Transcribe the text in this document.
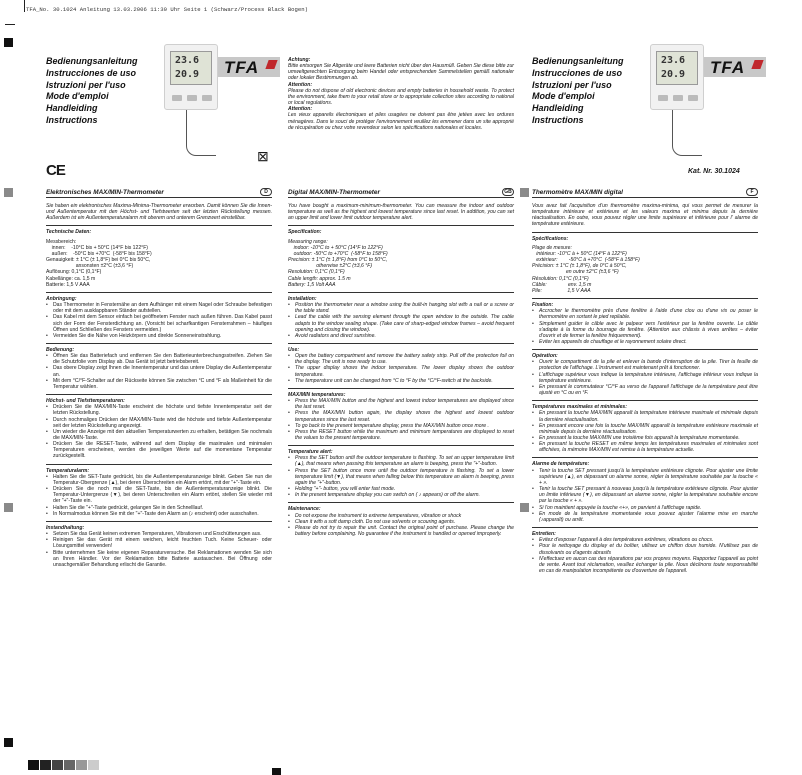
TFA_No. 30.1024 Anleitung 13.03.2006 11:30 Uhr Seite 1 (Schwarz/Process Black Bogen)
Bedienungsanleitung
Instrucciones de uso
Istruzioni per l'uso
Mode d'emploi
Handleiding
Instructions
23.6
20.9 TFA
CE
⊠
Bedienungsanleitung
Instrucciones de uso
Istruzioni per l'uso
Mode d'emploi
Handleiding
Instructions
23.6
20.9 TFA
Kat. Nr. 30.1024
Elektronisches MAX/MIN-Thermometer	D	Digital MAX/MIN-Thermometer	GB	Thermomètre MAX/MIN digital	F

Sie haben ein elektronisches Maxima-Minima-Thermometer erworben. Damit können Sie die Innen- und Außentemperatur mit den Höchst- und Tiefstwerten seit der letzten Rückstellung messen. Außerdem ist ein Außentemperaturalarm mit oberem und unterem Grenzwert einstellbar.

Technische Daten:

Messbereich:
innen:    -10°C bis + 50°C (14°F bis 122°F)
außen:    -50°C bis +70°C  (-58°F bis 158°F)
Genauigkeit: ± 1°C (± 1,8°F) bei 0°C bis 50°C,
ansonsten ±2°C (±3,6 °F)
Auflösung: 0,1°C (0,1°F)
Kabellänge: ca. 1,5 m
Batterie: 1,5 V AAA

Anbringung:

• Das Thermometer in Fensternähe an dem Aufhänger mit einem Nagel oder Schraube befestigen oder mit dem ausklappbaren Ständer aufstellen.
• Das Kabel mit dem Sensor einfach bei geöffnetem Fenster nach außen führen. Das Kabel passt sich der Form der Fensterdichtung an. (Vorsicht bei scharfkantigen Fensterrahmen – häufiges Öffnen und Schließen des Fensters vermeiden.)
• Vermeiden Sie die Nähe von Heizkörpern und direkte Sonneneinstrahlung.

Bedienung:

• Öffnen Sie das Batteriefach und entfernen Sie den Batterieunterbrechungsstreifen. Ziehen Sie die Schutzfolie vom Display ab. Das Gerät ist jetzt betriebsbereit.
• Das obere Display zeigt Ihnen die Innentemperatur und das untere Display die Außentemperatur an.
• Mit dem °C/°F-Schalter auf der Rückseite können Sie zwischen °C und °F als Maßeinheit für die Temperatur wählen.

Höchst- und Tiefsttemperaturen:

• Drücken Sie die MAX/MIN-Taste erscheint die höchste und tiefste Innentemperatur seit der letzten Rückstellung.
• Durch nochmaliges Drücken der MAX/MIN-Taste wird die höchste und tiefste Außentemperatur seit der letzten Rückstellung angezeigt.
• Um wieder die Anzeige mit den aktuellen Temperaturwerten zu erhalten, betätigen Sie nochmals die MAX/MIN-Taste.
• Drücken Sie die RESET-Taste, während auf dem Display die maximalen und minimalen Temperaturen erscheinen, werden die jeweiligen Werte auf die momentane Temperatur zurückgestellt.

Temperaturalarm:

• Halten Sie die SET-Taste gedrückt, bis die Außentemperaturanzeige blinkt. Geben Sie nun die Temperatur-Obergrenze (▲), bei deren Überschreiten ein Alarm ertönt, mit der "+"-Taste ein.
• Drücken Sie die noch mal die SET-Taste, bis die Außentemperaturanzeige blinkt. Die Temperatur-Untergrenze (▼), bei deren Unterschreiten ein Alarm ertönt, stellen Sie wieder mit der "+"-Taste ein.
• Halten Sie die "+"-Taste gedrückt, gelangen Sie in den Schnelllauf.
• In Normalmodus können Sie mit der "+"-Taste den Alarm an (♪ erscheint) oder ausschalten.

Instandhaltung:

• Setzen Sie das Gerät keinen extremen Temperaturen, Vibrationen und Erschütterungen aus.
• Reinigen Sie das Gerät mit einem weichen, leicht feuchten Tuch. Keine Scheuer- oder Lösungsmittel verwenden!
• Bitte unternehmen Sie keine eigenen Reparaturversuche. Bei Reklamationen wenden Sie sich an Ihren Händler. Vor der Reklamation bitte Batterie austauschen. Bei Öffnung oder unsachgemäßer Behandlung erlischt die Garantie.

Achtung:

Bitte entsorgen Sie Altgeräte und leere Batterien nicht über den Hausmüll. Geben Sie diese bitte zur umweltgerechten Entsorgung beim Handel oder entsprechenden Sammelstellen gemäß nationaler oder lokaler Bestimmungen ab.

Attention:

Please do not dispose of old electronic devices and empty batteries in household waste. To protect the environment, take them to your retail store or to appropriate collection sites according to national or local regulations.

Attention:

Les vieux appareils électroniques et piles usagées ne doivent pas être jetées avec les ordures ménagères. Dans le souci de protéger l'environnement veuillez les emmener dans un site approprié de récupération ou chez votre revendeur selon les spécifications nationales et locales.

You have bought a maximum-minimum-thermometer. You can measure the indoor and outdoor temperature as well as the highest and lowest temperature since last reset. In addition, you can set an upper limit and lower limit outdoor temperature alert.

Specification:

Measuring range:
indoor: -10°C to + 50°C (14°F to 122°F)
outdoor: -50°C to +70°C  (-58°F to 158°F)
Precision: ± 1°C (± 1,8°F) from 0°C to 50°C,
otherwise ±2°C (±3,6 °F)
Resolution: 0,1°C (0,1°F)
Cable length: approx. 1.5 m
Battery: 1,5 Volt AAA

Installation:

• Position the thermometer near a window using the built-in hanging slot with a nail or a screw or the table stand.
• Lead the cable with the sensing element through the open window to the outside. The cable adapts to the window sealing shape. (Take care of sharp-edged window frames – avoid frequent opening and closing the window).
• Avoid radiators and direct sunshine.

Use:

• Open the battery compartment and remove the battery safety strip. Pull off the protection foil on the display. The unit is now ready to use.
• The upper display shows the indoor temperature. The lower display shows the outdoor temperature.
• The temperature unit can be changed from °C to °F by the °C/°F-switch at the backside.

MAX/MIN temperatures:

• Press the MAX/MIN button and the highest and lowest indoor temperatures are displayed since the last reset.
• Press the MAX/MIN button again, the display shows the highest and lowest outdoor temperatures since the last reset.
• To go back to the present temperature display, press the MAX/MIN button once more .
• Press the RESET button while the maximum and minimum temperatures are displayed to reset the values to the present temperature.

Temperature alert:

• Press the SET button until the outdoor temperature is flashing. To set an upper temperature limit (▲), that means when passing this temperature an alarm is beeping, press the "+"-button.
• Press the SET button once more until the outdoor temperature is flashing. To set a lower temperature limit (▼), that means when falling below this temperature an alarm is beeping, press again the "+"-button.
• Holding "+"- button, you will enter fast mode.
• In the present temperature display you can switch on ( ♪ appears) or off the alarm.

Maintenance:

• Do not expose the instrument to extreme temperatures, vibration or shock
• Clean it with a soft damp cloth. Do not use solvents or scouring agents.
• Please do not try to repair the unit. Contact the original point of purchase. Please change the battery before complaining. No guarantee if the instrument is handled or opened improperly.

Vous avez fait l'acquisition d'un thermomètre maxima-minima, qui vous permet de mesurer la température intérieure et extérieure et les valeurs maxima et minima depuis la dernière réactualisation. En outre, vous pouvez régler une limite supérieure et inférieure pour l' alarme de température extérieure.

Spécifications:

Plage de mesure:
intérieur: -10°C à + 50°C (14°F à 122°F)
extérieur:        -50°C à +70°C  (-58°F à 158°F)
Précision: ± 1°C (± 1,8°F), de 0°C à 50°C,
en outre ±2°C (±3,6 °F)
Résolution: 0,1°C (0,1°F)
Câble:               env. 1,5 m
Pile:                  1,5 V AAA

Fixation:

• Accrocher le thermomètre près d'une fenêtre à l'aide d'une clou ou d'une vis ou poser le thermomètre en sortant le pied repliable.
• Simplement guider le câble avec le palpeur vers l'extérieur par la fenêtre ouverte. Le câble s'adapte à la forme du bourrage de fenêtre. (Attention aux châssis à vives arrêtes – éviter d'ouvrir et de fermer la fenêtre fréquemment).
• Eviter les appareils de chauffage et le rayonnement solaire direct.

Opération:

• Ouvrir le compartiment de la pile et enlever la bande d'interruption de la pile. Tirer la feuille de protection de l'affichage. L'instrument est maintenant prêt à fonctionner.
• L'affichage supérieur vous indique la température intérieure, l'affichage inférieur vous indique la température extérieure.
• En pressant le commutateur °C/°F au verso de l'appareil l'affichage de la température peut être ajusté en °C ou en °F.

Températures maximales et minimales:

• En pressant la touche MAX/MIN apparaît la température intérieure maximale et minimale depuis la dernière réactualisation.
• En pressant encore une fois la touche MAX/MIN apparaît la température extérieure maximale et minimale depuis la dernière réactualisation.
• En pressant la touche MAX/MIN une troisième fois apparaît la température momentanée.
• En pressant la touche RESET en même temps les températures maximales et minimales sont affichées, la mémoire MAX/MIN est remise à la température actuelle.

Alarme de température:

• Tenir la touche SET pressant jusqu'à la température extérieure clignote. Pour ajuster une limite supérieure (▲), en dépassant un alarme sonne, régler la température souhaitée par la touche « + ».
• Tenir la touche SET pressant à nouveau jusqu'à la température extérieure clignote. Pour ajuster un limite inférieure (▼), en dépassant un alarme sonne, régler la température souhaitée encore par la touche « + ».
• Si l'on maintient appuyée la touche «+», on parvient à l'affichage rapide.
• En mode de la température momentanée vous pouvez ajuster l'alarme mise en marche (♪apparaît) ou arrêt.

Entretien:

• Evitez d'exposer l'appareil à des températures extrêmes, vibrations ou chocs.
• Pour le nettoyage du display et du boîtier, utilisez un chiffon doux humide. N'utilisez pas de dissolvants ou d'agents abrasifs
• N'effectuez en aucun cas des réparations par vos propres moyens. Rapportez l'appareil au point de vente. Avant tout réclamation, veuillez échanger la pile. Nous déclinons toute responsabilité en cas de manipulation incompétente ou d'ouverture de l'appareil.
